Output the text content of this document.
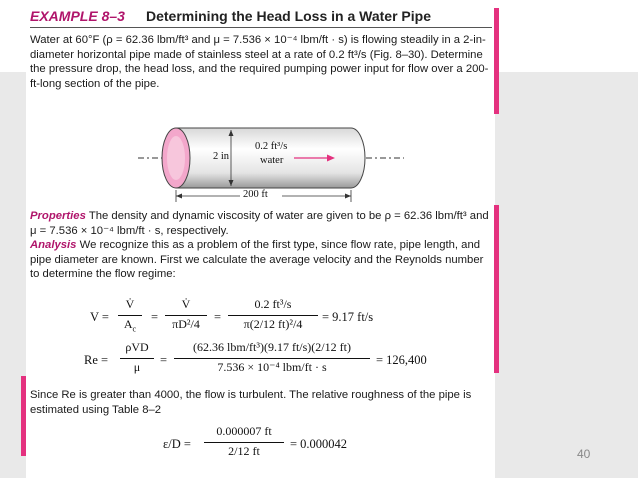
EXAMPLE 8–3 Determining the Head Loss in a Water Pipe
Water at 60°F (ρ = 62.36 lbm/ft³ and μ = 7.536 × 10⁻⁴ lbm/ft · s) is flowing steadily in a 2-in-diameter horizontal pipe made of stainless steel at a rate of 0.2 ft³/s (Fig. 8–30). Determine the pressure drop, the head loss, and the required pumping power input for flow over a 200-ft-long section of the pipe.
2 in
0.2 ft³/s
water
200 ft
Properties The density and dynamic viscosity of water are given to be ρ = 62.36 lbm/ft³ and μ = 7.536 × 10⁻⁴ lbm/ft · s, respectively.
Analysis We recognize this as a problem of the first type, since flow rate, pipe length, and pipe diameter are known. First we calculate the average velocity and the Reynolds number to determine the flow regime:
V =
V̇
$A_c$
=
V̇
πD²/4	=
0.2 ft³/s
π(2/12 ft)²/4	= 9.17 ft/s
Re =
ρVD
μ	=
(62.36 lbm/ft³)(9.17 ft/s)(2/12 ft)
7.536 × 10⁻⁴ lbm/ft · s	= 126,400
Since Re is greater than 4000, the flow is turbulent. The relative roughness of the pipe is estimated using Table 8–2
ε/D =
0.000007 ft
2/12 ft	= 0.000042
40
